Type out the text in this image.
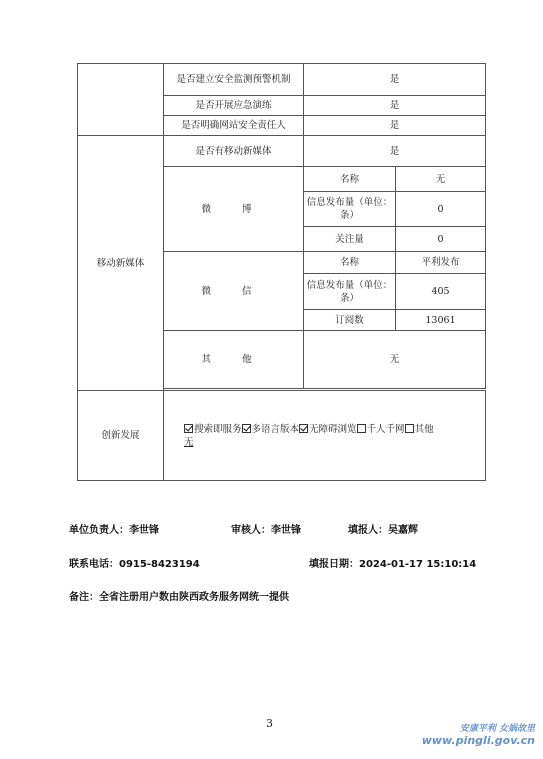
	是否建立安全监测预警机制	是	
	是否开展应急演练	是	
	是否明确网站安全责任人	是	
移动新媒体	是否有移动新媒体	是	
	微 博	名称	无
		信息发布量（单位：条）	0
		关注量	0
	微 信	名称	平利发布
		信息发布量（单位：条）	405
		订阅数	13061
	其 他	无	

创新发展	搜索即服务 多语言版本 无障碍浏览 千人千网 其他
无		
单位负责人：李世锋	审核人：李世锋	填报人：吴嘉辉
联系电话：0915-8423194	填报日期：2024-01-17 15:10:14
备注：全省注册用户数由陕西政务服务网统一提供
3	安康平利 女娲故里
www.pingli.gov.cn
